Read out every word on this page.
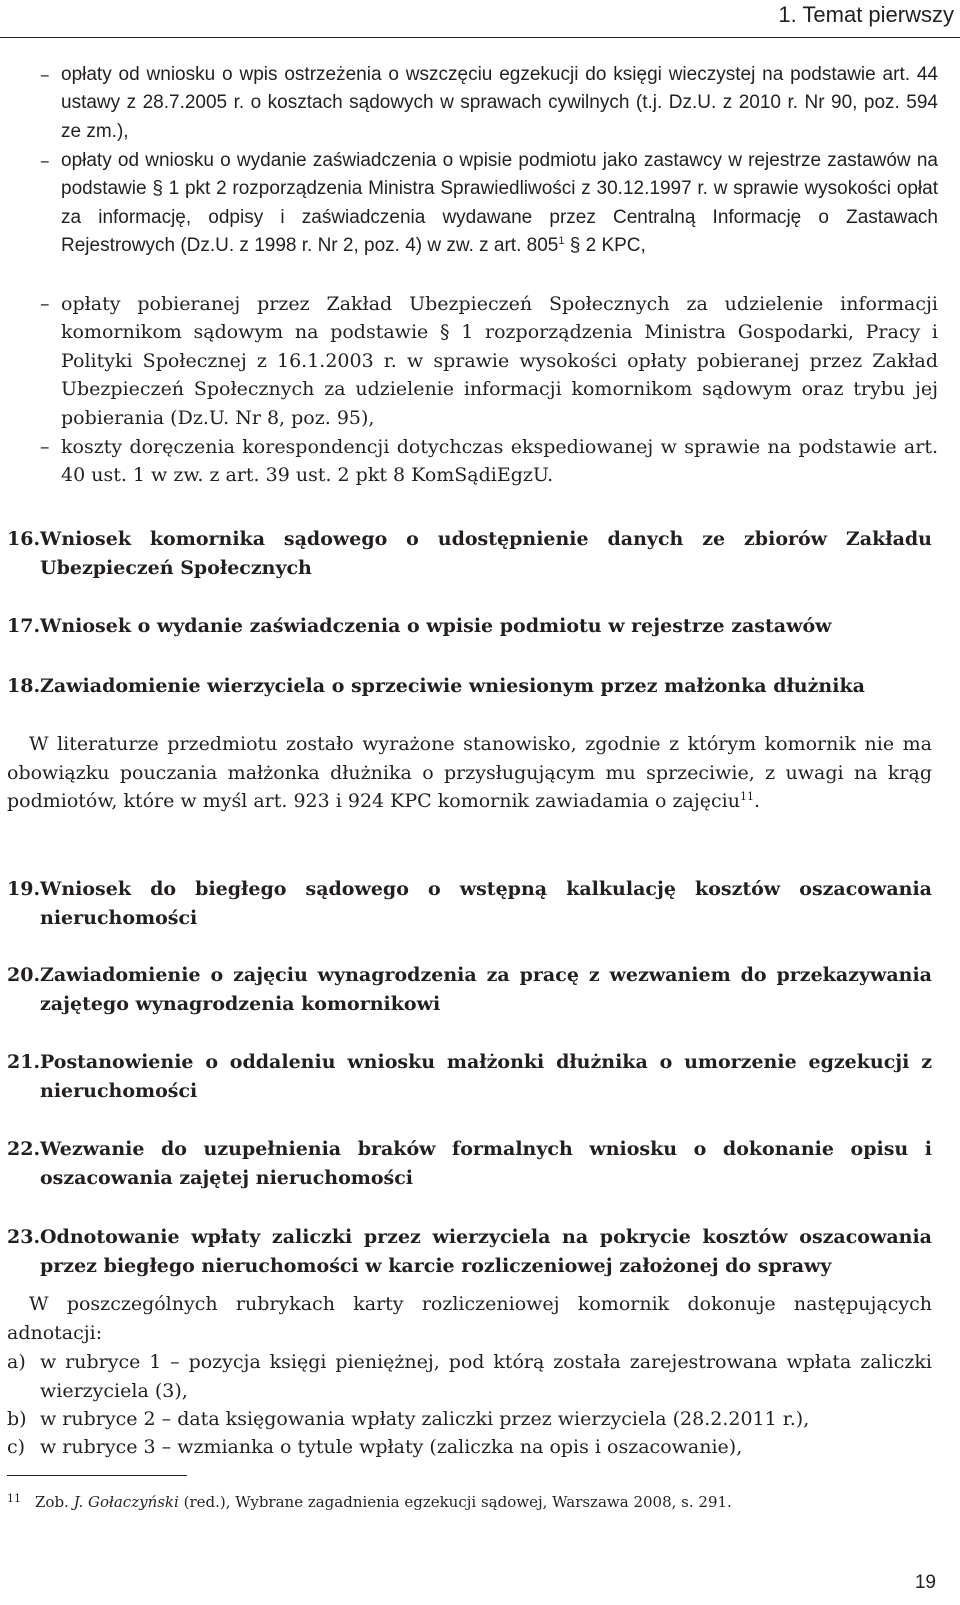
1. Temat pierwszy
– opłaty od wniosku o wpis ostrzeżenia o wszczęciu egzekucji do księgi wieczystej na podstawie art. 44 ustawy z 28.7.2005 r. o kosztach sądowych w sprawach cywilnych (t.j. Dz.U. z 2010 r. Nr 90, poz. 594 ze zm.),
– opłaty od wniosku o wydanie zaświadczenia o wpisie podmiotu jako zastawcy w rejestrze zastawów na podstawie § 1 pkt 2 rozporządzenia Ministra Sprawiedliwości z 30.12.1997 r. w sprawie wysokości opłat za informację, odpisy i zaświadczenia wydawane przez Centralną Informację o Zastawach Rejestrowych (Dz.U. z 1998 r. Nr 2, poz. 4) w zw. z art. $805^1$ § 2 KPC,
– opłaty pobieranej przez Zakład Ubezpieczeń Społecznych za udzielenie informacji komornikom sądowym na podstawie § 1 rozporządzenia Ministra Gospodarki, Pracy i Polityki Społecznej z 16.1.2003 r. w sprawie wysokości opłaty pobieranej przez Zakład Ubezpieczeń Społecznych za udzielenie informacji komornikom sądowym oraz trybu jej pobierania (Dz.U. Nr 8, poz. 95),
– koszty doręczenia korespondencji dotychczas ekspediowanej w sprawie na podstawie art. 40 ust. 1 w zw. z art. 39 ust. 2 pkt 8 KomSądiEgzU.
16. Wniosek komornika sądowego o udostępnienie danych ze zbiorów Zakładu Ubezpieczeń Społecznych
17. Wniosek o wydanie zaświadczenia o wpisie podmiotu w rejestrze zastawów
18. Zawiadomienie wierzyciela o sprzeciwie wniesionym przez małżonka dłużnika

W literaturze przedmiotu zostało wyrażone stanowisko, zgodnie z którym komornik nie ma obowiązku pouczania małżonka dłużnika o przysługującym mu sprzeciwie, z uwagi na krąg podmiotów, które w myśl art. 923 i 924 KPC komornik zawiadamia o zajęciu$^{11}$.

19. Wniosek do biegłego sądowego o wstępną kalkulację kosztów oszacowania nieruchomości
20. Zawiadomienie o zajęciu wynagrodzenia za pracę z wezwaniem do przekazywania zajętego wynagrodzenia komornikowi
21. Postanowienie o oddaleniu wniosku małżonki dłużnika o umorzenie egzekucji z nieruchomości
22. Wezwanie do uzupełnienia braków formalnych wniosku o dokonanie opisu i oszacowania zajętej nieruchomości
23. Odnotowanie wpłaty zaliczki przez wierzyciela na pokrycie kosztów oszacowania przez biegłego nieruchomości w karcie rozliczeniowej założonej do sprawy

W poszczególnych rubrykach karty rozliczeniowej komornik dokonuje następujących adnotacji:

a) w rubryce 1 – pozycja księgi pieniężnej, pod którą została zarejestrowana wpłata zaliczki wierzyciela (3),
b) w rubryce 2 – data księgowania wpłaty zaliczki przez wierzyciela (28.2.2011 r.),
c) w rubryce 3 – wzmianka o tytule wpłaty (zaliczka na opis i oszacowanie),
$^{11}$ Zob. J. Gołaczyński (red.), Wybrane zagadnienia egzekucji sądowej, Warszawa 2008, s. 291.
19
